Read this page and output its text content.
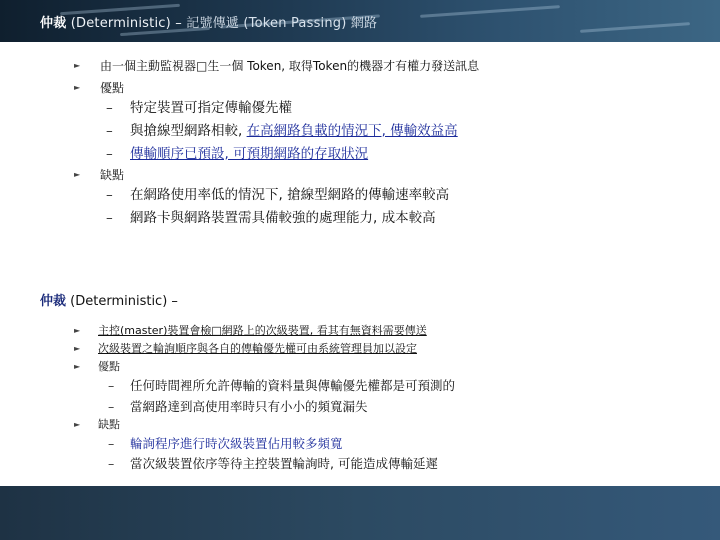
仲裁 (Deterministic) – 記號傳遞 (Token Passing) 網路
► 由一個主動監視器□生一個 Token, 取得Token的機器才有權力發送訊息
► 優點
– 特定裝置可指定傳輸優先權
– 與搶線型網路相較, 在高網路負載的情況下, 傳輸效益高
– 傳輸順序已預設, 可預期網路的存取狀況
► 缺點
– 在網路使用率低的情況下, 搶線型網路的傳輸速率較高
– 網路卡與網路裝置需具備較強的處理能力, 成本較高
仲裁 (Deterministic) –
► 主控(master)裝置會檢□網路上的次級裝置, 看其有無資料需要傳送
► 次級裝置之輪詢順序與各自的傳輸優先權可由系統管理員加以設定
► 優點
– 任何時間裡所允許傳輸的資料量與傳輸優先權都是可預測的
– 當網路達到高使用率時只有小小的頻寬漏失
► 缺點
– 輪詢程序進行時次級裝置佔用較多頻寬
– 當次級裝置依序等待主控裝置輪詢時, 可能造成傳輸延遲
